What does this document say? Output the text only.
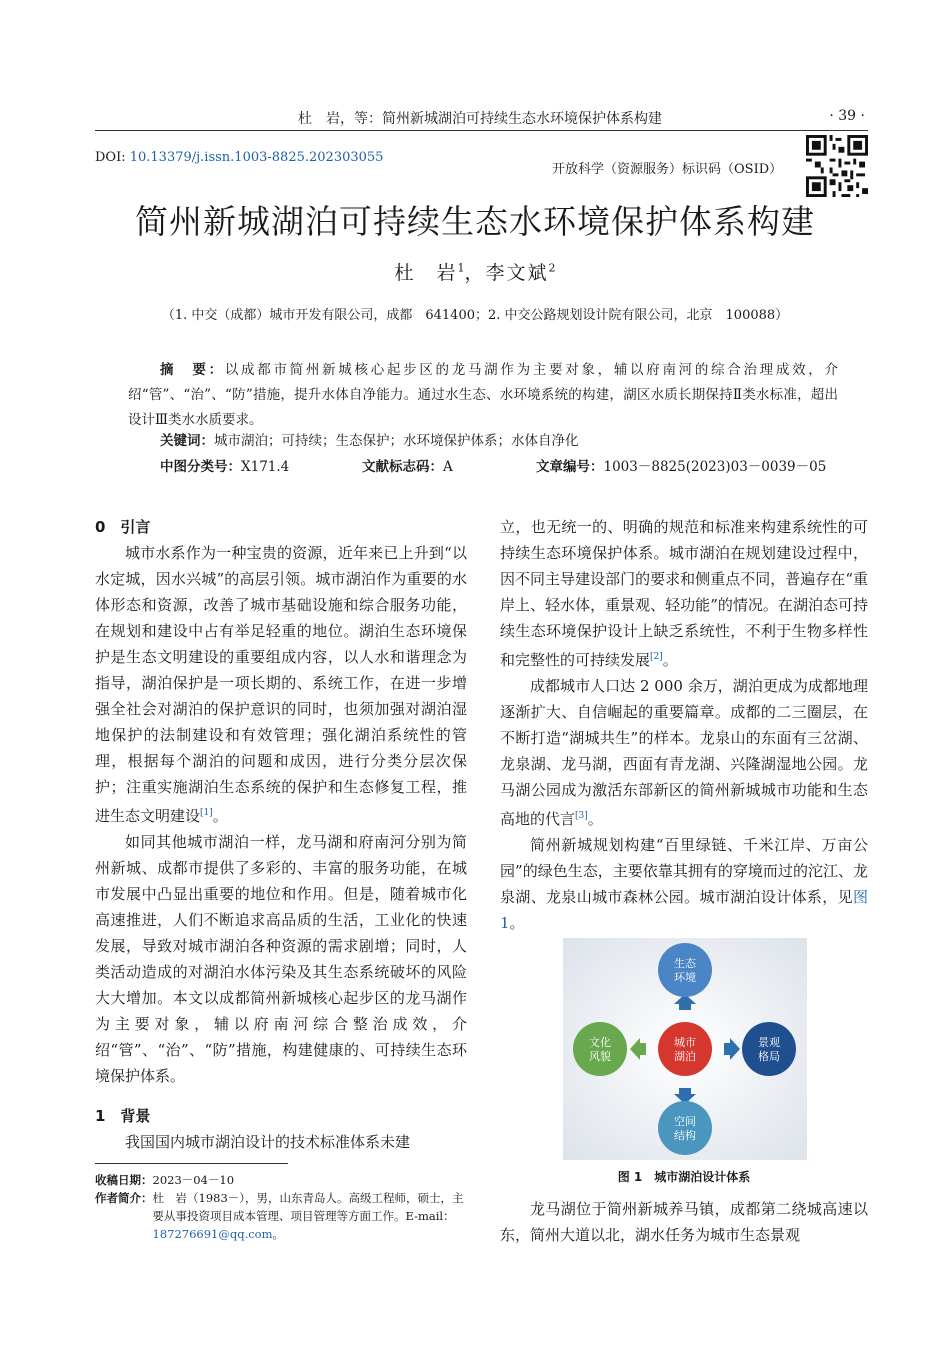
杜　岩，等：简州新城湖泊可持续生态水环境保护体系构建	· 39 ·
DOI: 10.13379/j.issn.1003-8825.202303055
开放科学（资源服务）标识码（OSID）
简州新城湖泊可持续生态水环境保护体系构建
杜　岩$^1$，李文斌$^2$
（1. 中交（成都）城市开发有限公司，成都　641400；2. 中交公路规划设计院有限公司，北京　100088）
摘　要：以成都市简州新城核心起步区的龙马湖作为主要对象，辅以府南河的综合治理成效，介绍“管”、“治”、“防”措施，提升水体自净能力。通过水生态、水环境系统的构建，湖区水质长期保持Ⅱ类水标准，超出设计Ⅲ类水水质要求。
关键词：城市湖泊；可持续；生态保护；水环境保护体系；水体自净化
中图分类号：X171.4	文献标志码：A	文章编号：1003－8825(2023)03－0039－05
0　引言

城市水系作为一种宝贵的资源，近年来已上升到“以水定城，因水兴城”的高层引领。城市湖泊作为重要的水体形态和资源，改善了城市基础设施和综合服务功能，在规划和建设中占有举足轻重的地位。湖泊生态环境保护是生态文明建设的重要组成内容，以人水和谐理念为指导，湖泊保护是一项长期的、系统工作，在进一步增强全社会对湖泊的保护意识的同时，也须加强对湖泊湿地保护的法制建设和有效管理；强化湖泊系统性的管理，根据每个湖泊的问题和成因，进行分类分层次保护；注重实施湖泊生态系统的保护和生态修复工程，推进生态文明建设[1]。

如同其他城市湖泊一样，龙马湖和府南河分别为简州新城、成都市提供了多彩的、丰富的服务功能，在城市发展中凸显出重要的地位和作用。但是，随着城市化高速推进，人们不断追求高品质的生活，工业化的快速发展，导致对城市湖泊各种资源的需求剧增；同时，人类活动造成的对湖泊水体污染及其生态系统破坏的风险大大增加。本文以成都简州新城核心起步区的龙马湖作为主要对象，辅以府南河综合整治成效，介绍“管”、“治”、“防”措施，构建健康的、可持续生态环境保护体系。

1　背景

我国国内城市湖泊设计的技术标准体系未建

立，也无统一的、明确的规范和标准来构建系统性的可持续生态环境保护体系。城市湖泊在规划建设过程中，因不同主导建设部门的要求和侧重点不同，普遍存在“重岸上、轻水体，重景观、轻功能”的情况。在湖泊态可持续生态环境保护设计上缺乏系统性，不利于生物多样性和完整性的可持续发展[2]。

成都城市人口达 2 000 余万，湖泊更成为成都地理逐渐扩大、自信崛起的重要篇章。成都的二三圈层，在不断打造“湖城共生”的样本。龙泉山的东面有三岔湖、龙泉湖、龙马湖，西面有青龙湖、兴隆湖湿地公园。龙马湖公园成为激活东部新区的简州新城城市功能和生态高地的代言[3]。

简州新城规划构建“百里绿链、千米江岸、万亩公园”的绿色生态，主要依靠其拥有的穿境而过的沱江、龙泉湖、龙泉山城市森林公园。城市湖泊设计体系，见图 1。

城市
湖泊
生态
环境
景观
格局
空间
结构
文化
风貌
图 1　城市湖泊设计体系

龙马湖位于简州新城养马镇，成都第二绕城高速以东，简州大道以北，湖水任务为城市生态景观

收稿日期：2023－04－10
作者简介： 杜　岩（1983－），男，山东青岛人。高级工程师，硕士，主要从事投资项目成本管理、项目管理等方面工作。E-mail：187276691@qq.com。
